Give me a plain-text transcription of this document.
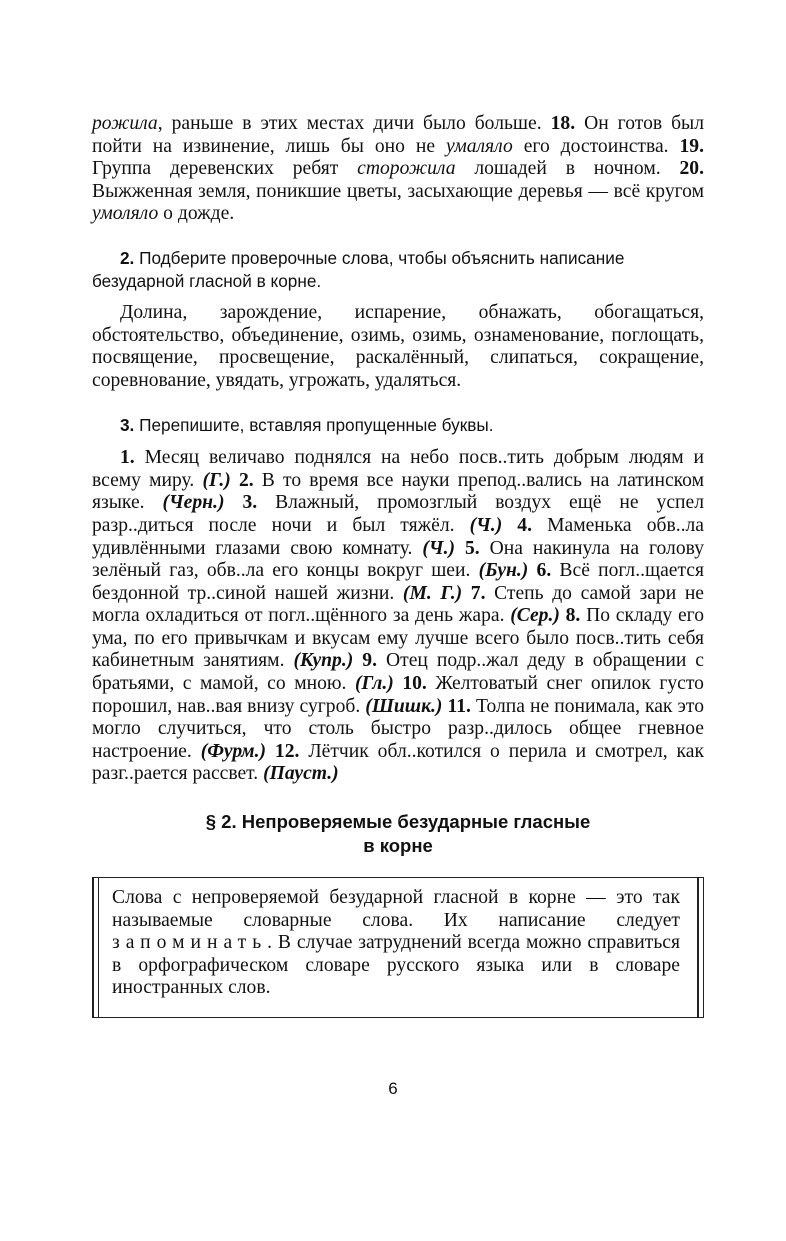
рожила, раньше в этих местах дичи было больше. 18. Он готов был пойти на извинение, лишь бы оно не умаляло его достоинства. 19. Группа деревенских ребят сторожила лошадей в ночном. 20. Выжженная земля, поникшие цветы, засыхающие деревья — всё кругом умоляло о дожде.

2. Подберите проверочные слова, чтобы объяснить написание безударной гласной в корне.

Долина, зарождение, испарение, обнажать, обогащаться, обстоятельство, объединение, озимь, озимь, ознаменование, поглощать, посвящение, просвещение, раскалённый, слипаться, сокращение, соревнование, увядать, угрожать, удаляться.

3. Перепишите, вставляя пропущенные буквы.

1. Месяц величаво поднялся на небо посв..тить добрым людям и всему миру. (Г.) 2. В то время все науки препод..вались на латинском языке. (Черн.) 3. Влажный, промозглый воздух ещё не успел разр..диться после ночи и был тяжёл. (Ч.) 4. Маменька обв..ла удивлёнными глазами свою комнату. (Ч.) 5. Она накинула на голову зелёный газ, обв..ла его концы вокруг шеи. (Бун.) 6. Всё погл..щается бездонной тр..синой нашей жизни. (М. Г.) 7. Степь до самой зари не могла охладиться от погл..щённого за день жара. (Сер.) 8. По складу его ума, по его привычкам и вкусам ему лучше всего было посв..тить себя кабинетным занятиям. (Купр.) 9. Отец подр..жал деду в обращении с братьями, с мамой, со мною. (Гл.) 10. Желтоватый снег опилок густо порошил, нав..вая внизу сугроб. (Шишк.) 11. Толпа не понимала, как это могло случиться, что столь быстро разр..дилось общее гневное настроение. (Фурм.) 12. Лётчик обл..котился о перила и смотрел, как разг..рается рассвет. (Пауст.)

§ 2. Непроверяемые безударные гласные
в корне

Слова с непроверяемой безударной гласной в корне — это так называемые словарные слова. Их написание следует запоминать. В случае затруднений всегда можно справиться в орфографическом словаре русского языка или в словаре иностранных слов.

6
